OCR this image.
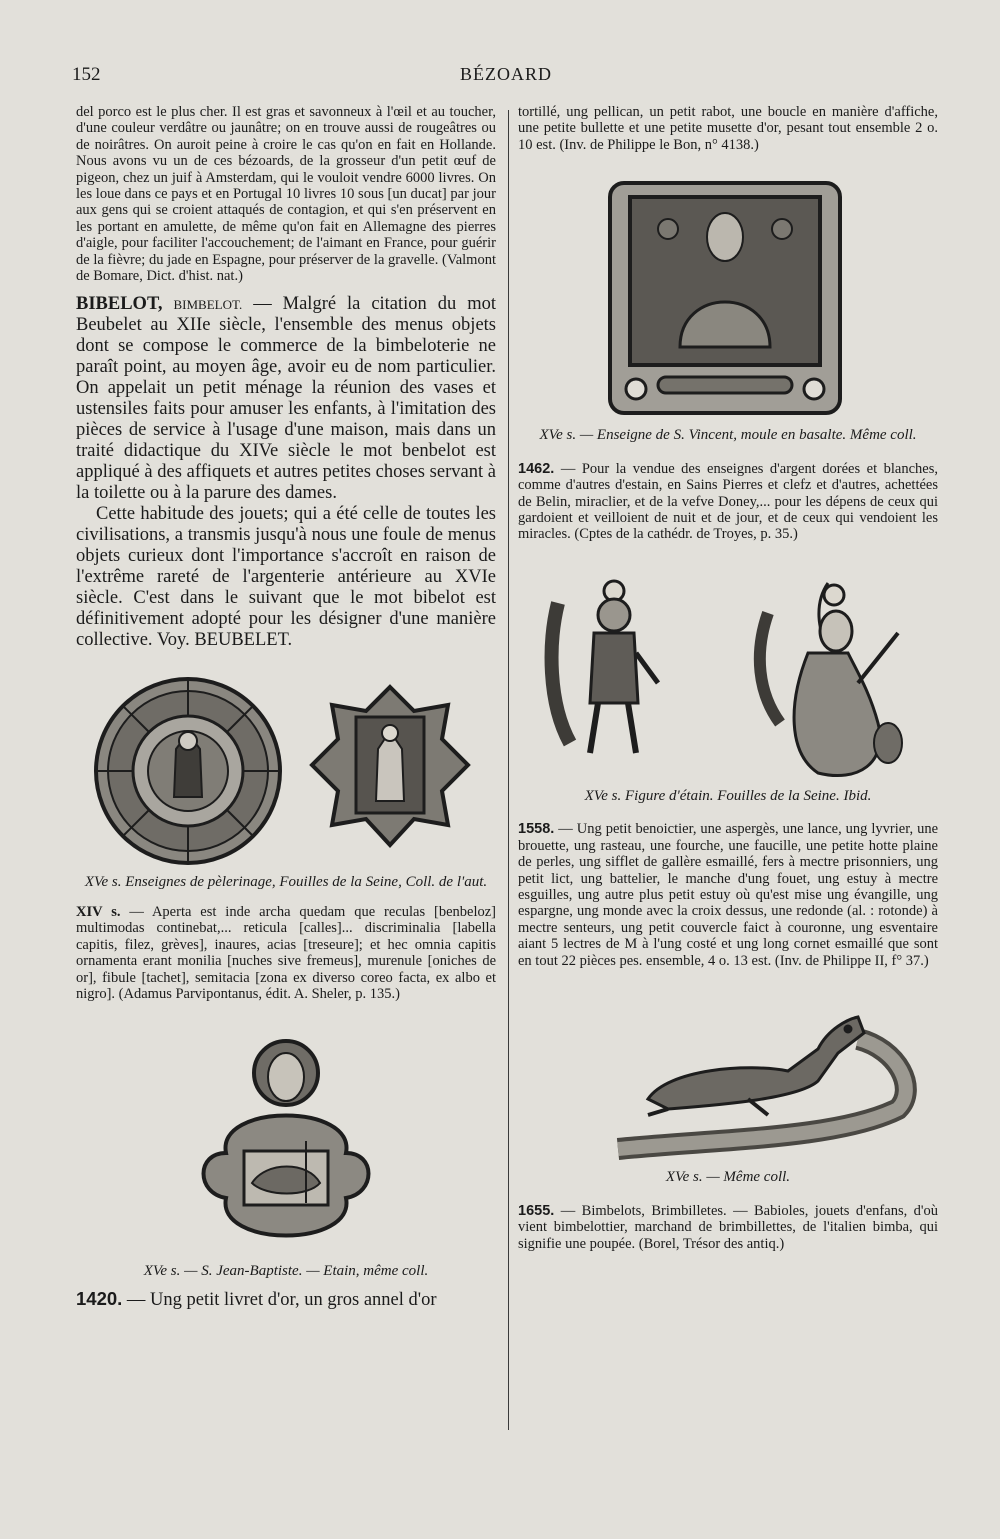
152	BÉZOARD

del porco est le plus cher. Il est gras et savonneux à l'œil et au toucher, d'une couleur verdâtre ou jaunâtre; on en trouve aussi de rougeâtres ou de noirâtres. On auroit peine à croire le cas qu'on en fait en Hollande. Nous avons vu un de ces bézoards, de la grosseur d'un petit œuf de pigeon, chez un juif à Amsterdam, qui le vouloit vendre 6000 livres. On les loue dans ce pays et en Portugal 10 livres 10 sous [un ducat] par jour aux gens qui se croient attaqués de contagion, et qui s'en préservent en les portant en amulette, de même qu'on fait en Allemagne des pierres d'aigle, pour faciliter l'accouchement; de l'aimant en France, pour guérir de la fièvre; du jade en Espagne, pour préserver de la gravelle. (Valmont de Bomare, Dict. d'hist. nat.)

BIBELOT, BIMBELOT. — Malgré la citation du mot Beubelet au XIIe siècle, l'ensemble des menus objets dont se compose le commerce de la bimbeloterie ne paraît point, au moyen âge, avoir eu de nom particulier. On appelait un petit ménage la réunion des vases et ustensiles faits pour amuser les enfants, à l'imitation des pièces de service à l'usage d'une maison, mais dans un traité didactique du XIVe siècle le mot benbelot est appliqué à des affiquets et autres petites choses servant à la toilette ou à la parure des dames.

Cette habitude des jouets; qui a été celle de toutes les civilisations, a transmis jusqu'à nous une foule de menus objets curieux dont l'importance s'accroît en raison de l'extrême rareté de l'argenterie antérieure au XVIe siècle. C'est dans le suivant que le mot bibelot est définitivement adopté pour les désigner d'une manière collective. Voy. BEUBELET.

XVe s. Enseignes de pèlerinage, Fouilles de la Seine, Coll. de l'aut.

XIV s. — Aperta est inde archa quedam que reculas [benbeloz] multimodas continebat,... reticula [calles]... discriminalia [labella capitis, filez, grèves], inaures, acias [treseure]; et hec omnia capitis ornamenta erant monilia [nuches sive fremeus], murenule [oniches de or], fibule [tachet], semitacia [zona ex diverso coreo facta, ex albo et nigro]. (Adamus Parvipontanus, édit. A. Sheler, p. 135.)

XVe s. — S. Jean-Baptiste. — Etain, même coll.

1420. — Ung petit livret d'or, un gros annel d'or

tortillé, ung pellican, un petit rabot, une boucle en manière d'affiche, une petite bullette et une petite musette d'or, pesant tout ensemble 2 o. 10 est. (Inv. de Philippe le Bon, n° 4138.)

XVe s. — Enseigne de S. Vincent, moule en basalte. Même coll.

1462. — Pour la vendue des enseignes d'argent dorées et blanches, comme d'autres d'estain, en Sains Pierres et clefz et d'autres, achettées de Belin, miraclier, et de la vefve Doney,... pour les dépens de ceux qui gardoient et veilloient de nuit et de jour, et de ceux qui vendoient les miracles. (Cptes de la cathédr. de Troyes, p. 35.)

XVe s. Figure d'étain. Fouilles de la Seine. Ibid.

1558. — Ung petit benoictier, une aspergès, une lance, ung lyvrier, une brouette, ung rasteau, une fourche, une faucille, une petite hotte plaine de perles, ung sifflet de gallère esmaillé, fers à mectre prisonniers, ung petit lict, ung battelier, le manche d'ung fouet, ung estuy à mectre esguilles, ung autre plus petit estuy où qu'est mise ung évangille, ung espargne, ung monde avec la croix dessus, une redonde (al. : rotonde) à mectre senteurs, ung petit couvercle faict à couronne, ung esventaire aiant 5 lectres de M à l'ung costé et ung long cornet esmaillé que sont en tout 22 pièces pes. ensemble, 4 o. 13 est. (Inv. de Philippe II, f° 37.)

XVe s. — Même coll.

1655. — Bimbelots, Brimbilletes. — Babioles, jouets d'enfans, d'où vient bimbelottier, marchand de brimbillettes, de l'italien bimba, qui signifie une poupée. (Borel, Trésor des antiq.)
